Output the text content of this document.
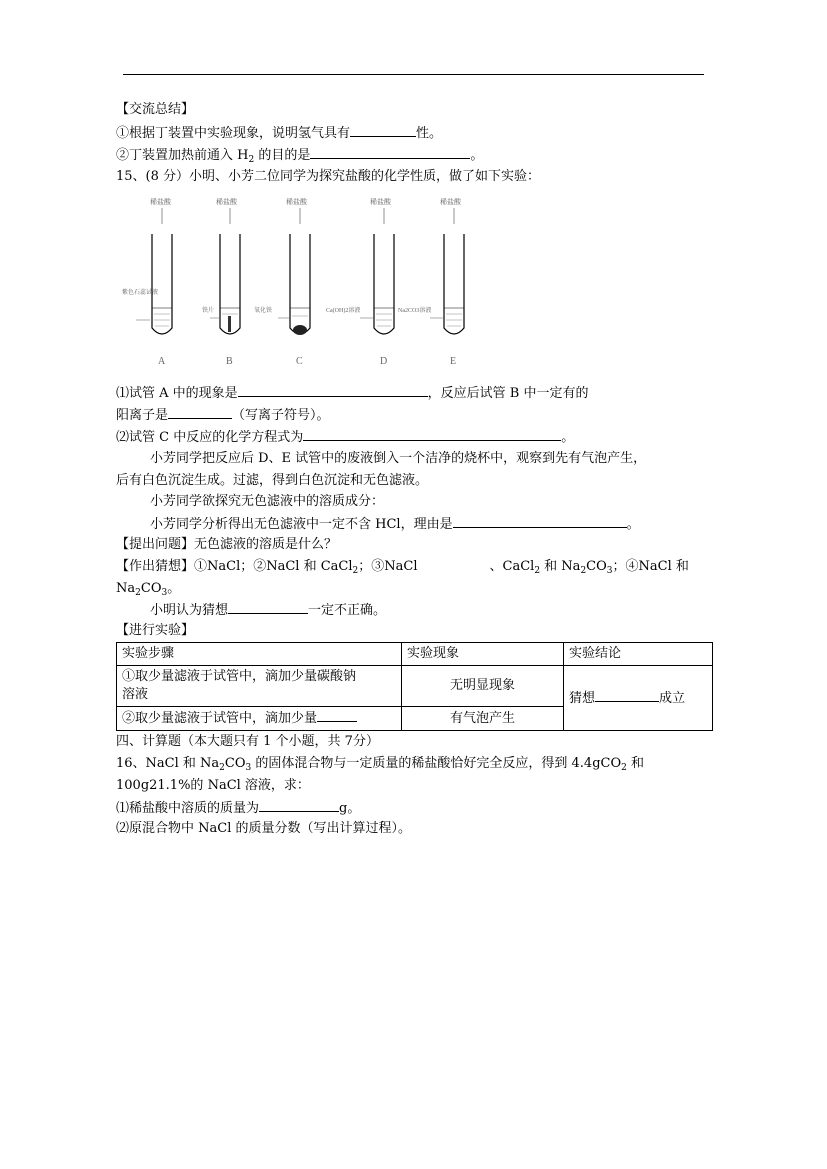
【交流总结】
①根据丁装置中实验现象，说明氢气具有	性。
②丁装置加热前通入 $H_2$ 的目的是	。
15、(8 分）小明、小芳二位同学为探究盐酸的化学性质，做了如下实验：
稀盐酸
紫色石蕊试液
A
稀盐酸
铁片
B
稀盐酸
氧化铁
C
稀盐酸
Ca(OH)2溶液
D
稀盐酸
Na2CO3溶液
E
⑴试管 A 中的现象是	，反应后试管 B 中一定有的
阳离子是	（写离子符号）。
⑵试管 C 中反应的化学方程式为	。
小芳同学把反应后 D、E 试管中的废液倒入一个洁净的烧杯中，观察到先有气泡产生，
后有白色沉淀生成。过滤，得到白色沉淀和无色滤液。
小芳同学欲探究无色滤液中的溶质成分：
小芳同学分析得出无色滤液中一定不含 HCl，理由是	。
【提出问题】无色滤液的溶质是什么？
【作出猜想】①NaCl；②NaCl 和 CaCl$_2$；③NaCl	、CaCl$_2$ 和 $Na_2CO_3$；④NaCl 和
$Na_2CO_3$。
小明认为猜想	一定不正确。
【进行实验】
实验步骤	实验现象	实验结论
①取少量滤液于试管中，滴加少量碳酸钠
溶液	无明显现象	猜想 成立
②取少量滤液于试管中，滴加少量	有气泡产生	
四、计算题（本大题只有 1 个小题，共 7分）
16、NaCl 和 $Na_2CO_3$ 的固体混合物与一定质量的稀盐酸恰好完全反应，得到 4.4gCO$_2$ 和
100g21.1%的 NaCl 溶液，求：
⑴稀盐酸中溶质的质量为	g。
⑵原混合物中 NaCl 的质量分数（写出计算过程）。
